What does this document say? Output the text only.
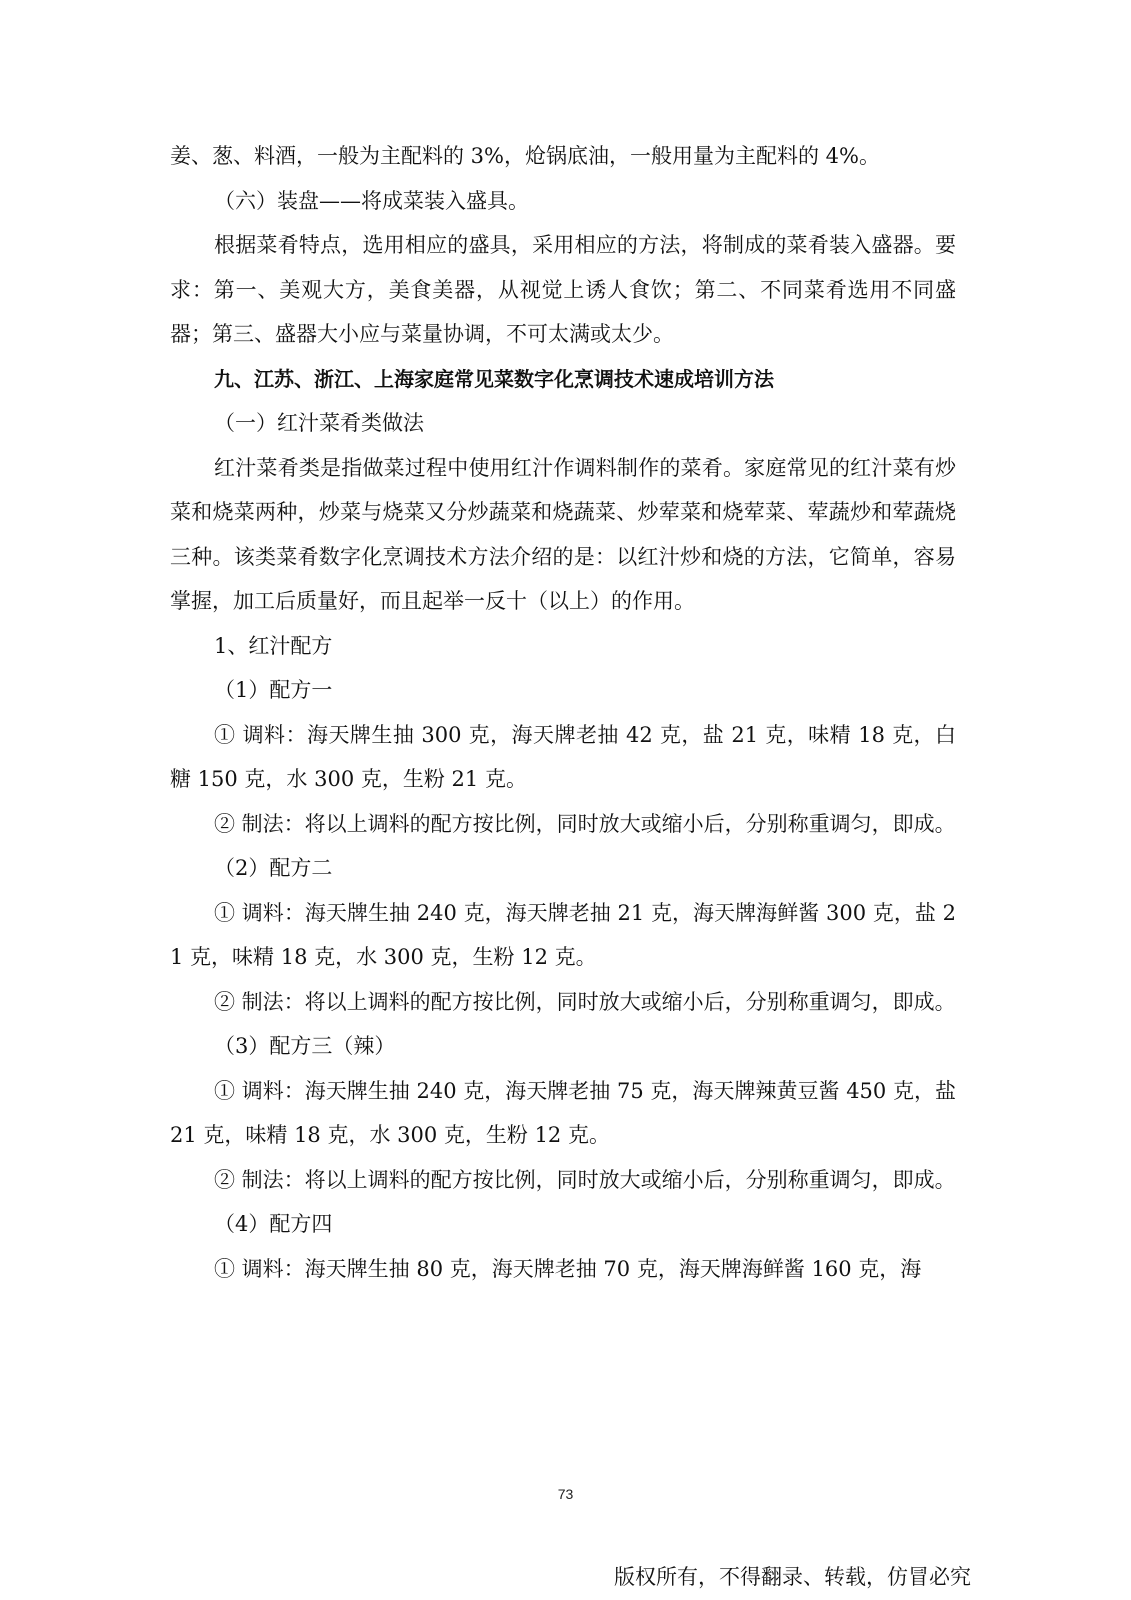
姜、葱、料酒，一般为主配料的 3%，炝锅底油，一般用量为主配料的 4%。

（六）装盘——将成菜装入盛具。

根据菜肴特点，选用相应的盛具，采用相应的方法，将制成的菜肴装入盛器。要求：第一、美观大方，美食美器，从视觉上诱人食饮；第二、不同菜肴选用不同盛器；第三、盛器大小应与菜量协调，不可太满或太少。

九、江苏、浙江、上海家庭常见菜数字化烹调技术速成培训方法

（一）红汁菜肴类做法

红汁菜肴类是指做菜过程中使用红汁作调料制作的菜肴。家庭常见的红汁菜有炒菜和烧菜两种，炒菜与烧菜又分炒蔬菜和烧蔬菜、炒荤菜和烧荤菜、荤蔬炒和荤蔬烧三种。该类菜肴数字化烹调技术方法介绍的是：以红汁炒和烧的方法，它简单，容易掌握，加工后质量好，而且起举一反十（以上）的作用。

1、红汁配方

（1）配方一

① 调料：海天牌生抽 300 克，海天牌老抽 42 克，盐 21 克，味精 18 克，白糖 150 克，水 300 克，生粉 21 克。

② 制法：将以上调料的配方按比例，同时放大或缩小后，分别称重调匀，即成。

（2）配方二

① 调料：海天牌生抽 240 克，海天牌老抽 21 克，海天牌海鲜酱 300 克，盐 21 克，味精 18 克，水 300 克，生粉 12 克。

② 制法：将以上调料的配方按比例，同时放大或缩小后，分别称重调匀，即成。

（3）配方三（辣）

① 调料：海天牌生抽 240 克，海天牌老抽 75 克，海天牌辣黄豆酱 450 克，盐 21 克，味精 18 克，水 300 克，生粉 12 克。

② 制法：将以上调料的配方按比例，同时放大或缩小后，分别称重调匀，即成。

（4）配方四

① 调料：海天牌生抽 80 克，海天牌老抽 70 克，海天牌海鲜酱 160 克，海

73
版权所有，不得翻录、转载，仿冒必究
